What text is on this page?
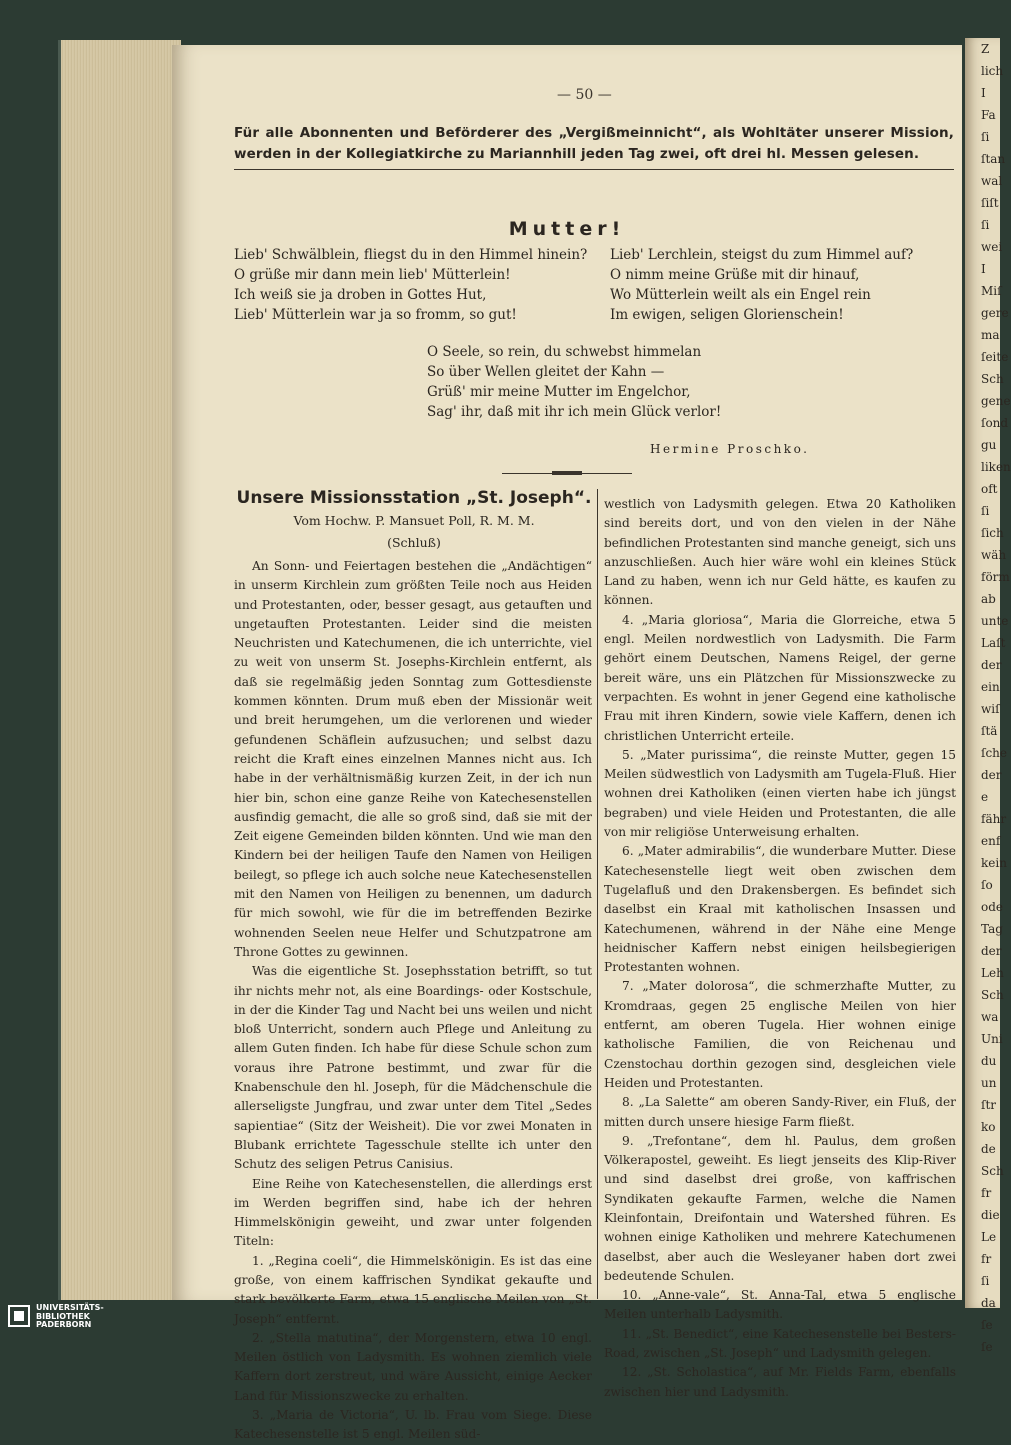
— 50 —
Für alle Abonnenten und Beförderer des „Vergißmeinnicht“, als Wohltäter unserer Mission, werden in der Kollegiatkirche zu Mariannhill jeden Tag zwei, oft drei hl. Messen gelesen.
Mutter!
Lieb' Schwälblein, fliegst du in den Himmel hinein?
O grüße mir dann mein lieb' Mütterlein!
Ich weiß sie ja droben in Gottes Hut,
Lieb' Mütterlein war ja so fromm, so gut!
Lieb' Lerchlein, steigst du zum Himmel auf?
O nimm meine Grüße mit dir hinauf,
Wo Mütterlein weilt als ein Engel rein
Im ewigen, seligen Glorienschein!
O Seele, so rein, du schwebst himmelan
So über Wellen gleitet der Kahn —
Grüß' mir meine Mutter im Engelchor,
Sag' ihr, daß mit ihr ich mein Glück verlor!
Hermine Proschko.
Unsere Missionsstation „St. Joseph“.
Vom Hochw. P. Mansuet Poll, R. M. M.
(Schluß)

An Sonn- und Feiertagen bestehen die „Andächtigen“ in unserm Kirchlein zum größten Teile noch aus Heiden und Protestanten, oder, besser gesagt, aus getauften und ungetauften Protestanten. Leider sind die meisten Neuchristen und Katechumenen, die ich unterrichte, viel zu weit von unserm St. Josephs-Kirchlein entfernt, als daß sie regelmäßig jeden Sonntag zum Gottesdienste kommen könnten. Drum muß eben der Missionär weit und breit herumgehen, um die verlorenen und wieder gefundenen Schäflein aufzusuchen; und selbst dazu reicht die Kraft eines einzelnen Mannes nicht aus. Ich habe in der verhältnismäßig kurzen Zeit, in der ich nun hier bin, schon eine ganze Reihe von Katechesenstellen ausfindig gemacht, die alle so groß sind, daß sie mit der Zeit eigene Gemeinden bilden könnten. Und wie man den Kindern bei der heiligen Taufe den Namen von Heiligen beilegt, so pflege ich auch solche neue Katechesenstellen mit den Namen von Heiligen zu benennen, um dadurch für mich sowohl, wie für die im betreffenden Bezirke wohnenden Seelen neue Helfer und Schutzpatrone am Throne Gottes zu gewinnen.

Was die eigentliche St. Josephsstation betrifft, so tut ihr nichts mehr not, als eine Boardings- oder Kostschule, in der die Kinder Tag und Nacht bei uns weilen und nicht bloß Unterricht, sondern auch Pflege und Anleitung zu allem Guten finden. Ich habe für diese Schule schon zum voraus ihre Patrone bestimmt, und zwar für die Knabenschule den hl. Joseph, für die Mädchenschule die allerseligste Jungfrau, und zwar unter dem Titel „Sedes sapientiae“ (Sitz der Weisheit). Die vor zwei Monaten in Blubank errichtete Tagesschule stellte ich unter den Schutz des seligen Petrus Canisius.

Eine Reihe von Katechesenstellen, die allerdings erst im Werden begriffen sind, habe ich der hehren Himmelskönigin geweiht, und zwar unter folgenden Titeln:

1. „Regina coeli“, die Himmelskönigin. Es ist das eine große, von einem kaffrischen Syndikat gekaufte und stark bevölkerte Farm, etwa 15 englische Meilen von „St. Joseph“ entfernt.

2. „Stella matutina“, der Morgenstern, etwa 10 engl. Meilen östlich von Ladysmith. Es wohnen ziemlich viele Kaffern dort zerstreut, und wäre Aussicht, einige Aecker Land für Missionszwecke zu erhalten.

3. „Maria de Victoria“, U. lb. Frau vom Siege. Diese Katechesenstelle ist 5 engl. Meilen süd-

westlich von Ladysmith gelegen. Etwa 20 Katholiken sind bereits dort, und von den vielen in der Nähe befindlichen Protestanten sind manche geneigt, sich uns anzuschließen. Auch hier wäre wohl ein kleines Stück Land zu haben, wenn ich nur Geld hätte, es kaufen zu können.

4. „Maria gloriosa“, Maria die Glorreiche, etwa 5 engl. Meilen nordwestlich von Ladysmith. Die Farm gehört einem Deutschen, Namens Reigel, der gerne bereit wäre, uns ein Plätzchen für Missionszwecke zu verpachten. Es wohnt in jener Gegend eine katholische Frau mit ihren Kindern, sowie viele Kaffern, denen ich christlichen Unterricht erteile.

5. „Mater purissima“, die reinste Mutter, gegen 15 Meilen südwestlich von Ladysmith am Tugela-Fluß. Hier wohnen drei Katholiken (einen vierten habe ich jüngst begraben) und viele Heiden und Protestanten, die alle von mir religiöse Unterweisung erhalten.

6. „Mater admirabilis“, die wunderbare Mutter. Diese Katechesenstelle liegt weit oben zwischen dem Tugelafluß und den Drakensbergen. Es befindet sich daselbst ein Kraal mit katholischen Insassen und Katechumenen, während in der Nähe eine Menge heidnischer Kaffern nebst einigen heilsbegierigen Protestanten wohnen.

7. „Mater dolorosa“, die schmerzhafte Mutter, zu Kromdraas, gegen 25 englische Meilen von hier entfernt, am oberen Tugela. Hier wohnen einige katholische Familien, die von Reichenau und Czenstochau dorthin gezogen sind, desgleichen viele Heiden und Protestanten.

8. „La Salette“ am oberen Sandy-River, ein Fluß, der mitten durch unsere hiesige Farm fließt.

9. „Trefontane“, dem hl. Paulus, dem großen Völkerapostel, geweiht. Es liegt jenseits des Klip-River und sind daselbst drei große, von kaffrischen Syndikaten gekaufte Farmen, welche die Namen Kleinfontain, Dreifontain und Watershed führen. Es wohnen einige Katholiken und mehrere Katechumenen daselbst, aber auch die Wesleyaner haben dort zwei bedeutende Schulen.

10. „Anne-vale“, St. Anna-Tal, etwa 5 englische Meilen unterhalb Ladysmith.

11. „St. Benedict“, eine Katechesenstelle bei Besters-Road, zwischen „St. Joseph“ und Ladysmith gelegen.

12. „St. Scholastica“, auf Mr. Fields Farm, ebenfalls zwischen hier und Ladysmith.

Z
lich
I
Fa
ſi
ſtan
wal
ſiſt
ſi
wei
I
Miſ
gere
ma
ſeite
Sch
gene
ſond
gu
liken
oft
ſi
ſich
wäh
förm
ab
unte
Laſt
der
ein
wiſ
ſtä
ſche
der
e
fähr
enf
kein
ſo
ode
Tag
der
Leh
Sch
wa
Uni
du
un
ſtr
ko
de
Sch
fr
die
Le
fr
ſi
da
ſe
ſe
UNIVERSITÄTS-
BIBLIOTHEK
PADERBORN
